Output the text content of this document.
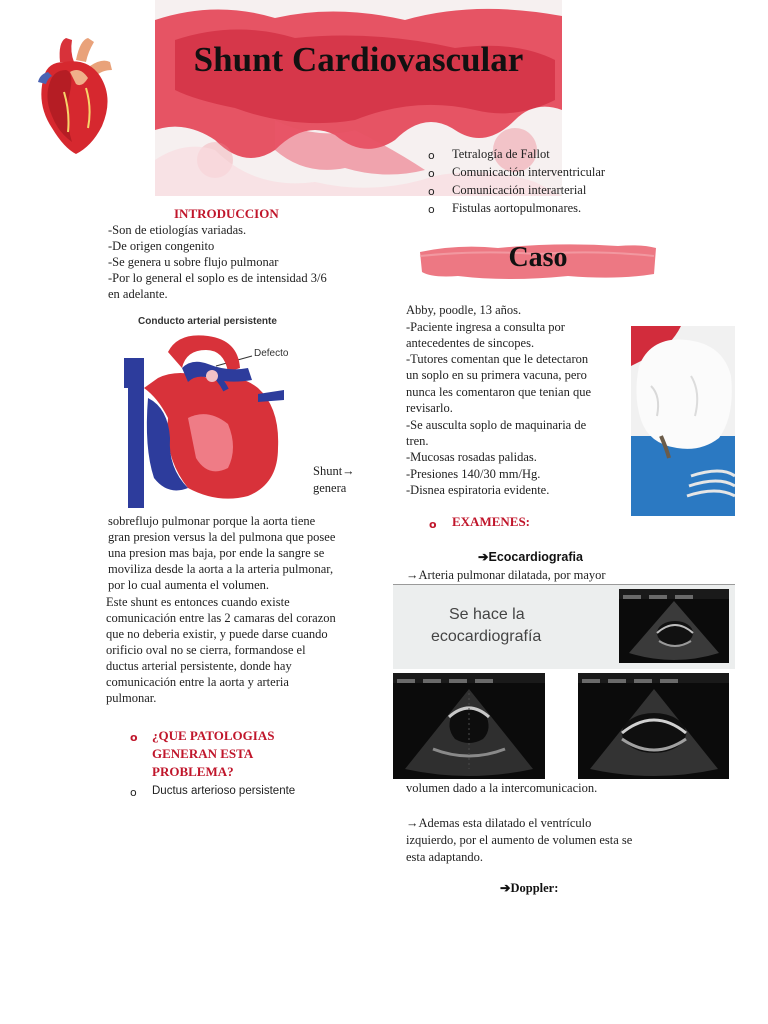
Shunt Cardiovascular
o Tetralogía de Fallot
o Comunicación interventricular
o Comunicación interarterial
o Fistulas aortopulmonares.
INTRODUCCION
-Son de etiologías variadas.
-De origen congenito
-Se genera u sobre flujo pulmonar
-Por lo general el soplo es de intensidad 3/6
en adelante.
Conducto arterial persistente
Defecto
Shunt→
genera
sobreflujo pulmonar porque la aorta tiene
gran presion versus la del pulmona que posee
una presion mas baja, por ende la sangre se
moviliza desde la aorta a la arteria pulmonar,
por lo cual aumenta el volumen.
Este shunt es entonces cuando existe
comunicación entre las 2 camaras del corazon
que no deberia existir, y puede darse cuando
orificio oval no se cierra, formandose el
ductus arterial persistente, donde hay
comunicación entre la aorta y arteria
pulmonar.
o ¿QUE PATOLOGIAS
GENERAN ESTA
PROBLEMA?
o Ductus arterioso persistente
Caso
Abby, poodle, 13 años.
-Paciente ingresa a consulta por
antecedentes de sincopes.
-Tutores comentan que le detectaron
un soplo en su primera vacuna, pero
nunca les comentaron que tenian que
revisarlo.
-Se ausculta soplo de maquinaria de
tren.
-Mucosas rosadas palidas.
-Presiones 140/30 mm/Hg.
-Disnea espiratoria evidente.
o EXAMENES:
➔Ecocardiografia
→Arteria pulmonar dilatada, por mayor
Se hace la
ecocardiografía
volumen dado a la intercomunicacion.
→Ademas esta dilatado el ventrículo
izquierdo, por el aumento de volumen esta se
esta adaptando.
➔Doppler:
